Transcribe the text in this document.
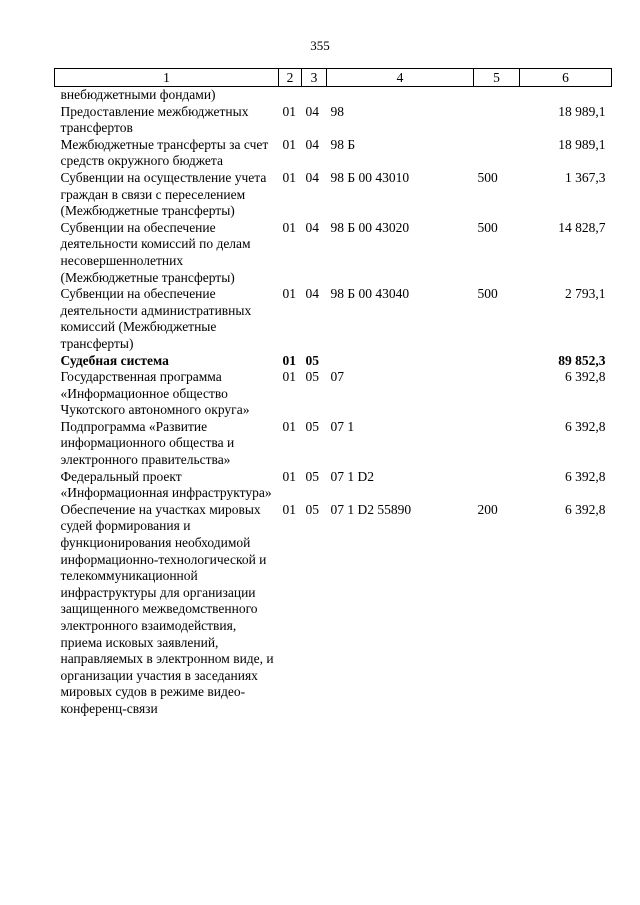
355
1	2	3	4	5	6
внебюджетными фондами)					
Предоставление межбюджетных трансфертов	01	04	98		18 989,1
Межбюджетные трансферты за счет средств окружного бюджета	01	04	98 Б		18 989,1
Субвенции на осуществление учета граждан в связи с переселением (Межбюджетные трансферты)	01	04	98 Б 00 43010	500	1 367,3
Субвенции на обеспечение деятельности комиссий по делам несовершеннолетних (Межбюджетные трансферты)	01	04	98 Б 00 43020	500	14 828,7
Субвенции на обеспечение деятельности административных комиссий (Межбюджетные трансферты)	01	04	98 Б 00 43040	500	2 793,1
Судебная система	01	05			89 852,3
Государственная программа «Информационное общество Чукотского автономного округа»	01	05	07		6 392,8
Подпрограмма «Развитие информационного общества и электронного правительства»	01	05	07 1		6 392,8
Федеральный проект «Информационная инфраструктура»	01	05	07 1 D2		6 392,8
Обеспечение на участках мировых судей формирования и функционирования необходимой информационно-технологической и телекоммуникационной инфраструктуры для организации защищенного межведомственного электронного взаимодействия, приема исковых заявлений, направляемых в электронном виде, и организации участия в заседаниях мировых судов в режиме видео-конференц-связи	01	05	07 1 D2 55890	200	6 392,8
